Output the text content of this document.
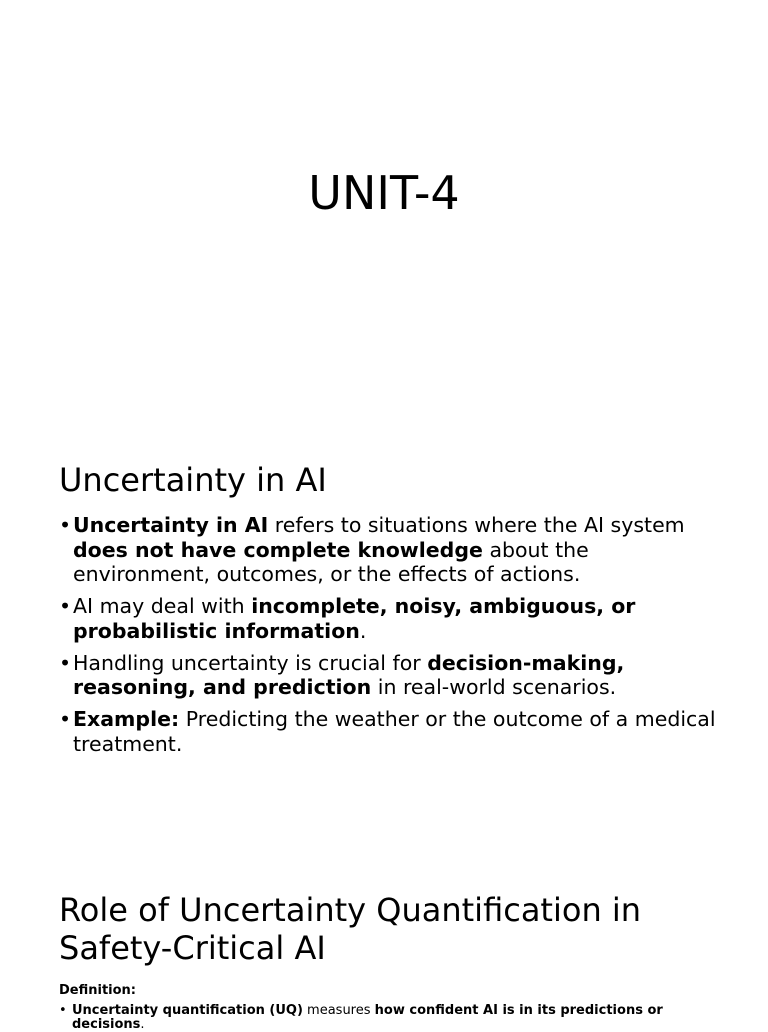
UNIT-4
Uncertainty in AI
• Uncertainty in AI refers to situations where the AI system does not have complete knowledge about the environment, outcomes, or the effects of actions.
• AI may deal with incomplete, noisy, ambiguous, or probabilistic information.
• Handling uncertainty is crucial for decision-making, reasoning, and prediction in real-world scenarios.
• Example: Predicting the weather or the outcome of a medical treatment.
Role of Uncertainty Quantification in Safety-Critical AI

Definition:

• Uncertainty quantification (UQ) measures how confident AI is in its predictions or decisions.
